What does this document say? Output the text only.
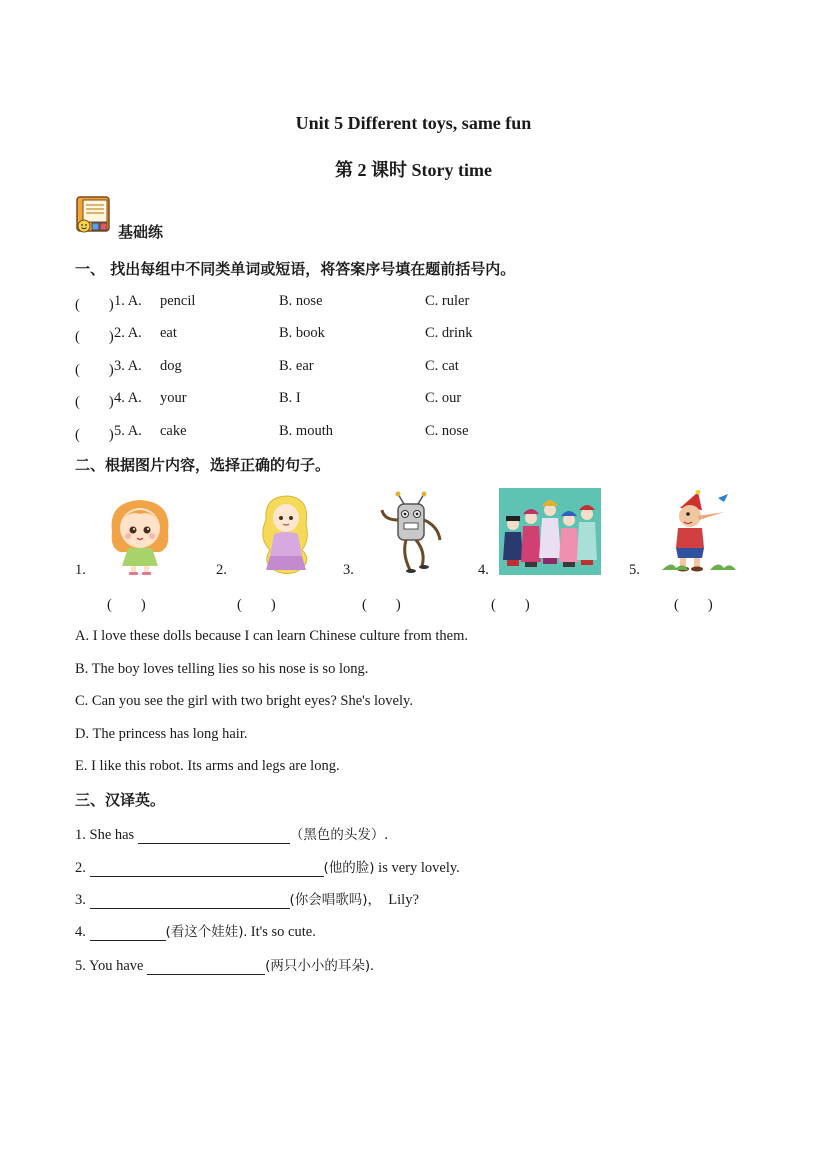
Unit 5 Different toys, same fun
第 2 课时 Story time
基础练
一、 找出每组中不同类单词或短语，将答案序号填在题前括号内。
(　　) 1. A. pencil	B. nose	C. ruler
(　　) 2. A. eat	B. book	C. drink
(　　) 3. A. dog	B. ear	C. cat
(　　) 4. A. your	B. I	C. our
(　　) 5. A. cake	B. mouth	C. nose
二、根据图片内容，选择正确的句子。
1.
(　　)
2.
(　　)
3.
(　　)
4.
(　　)
5.
(　　)
A. I love these dolls because I can learn Chinese culture from them.
B. The boy loves telling lies so his nose is so long.
C. Can you see the girl with two bright eyes? She's lovely.
D. The princess has long hair.
E. I like this robot. Its arms and legs are long.
三、汉译英。
1. She has	（黑色的头发）.
2.	(他的脸) is very lovely.
3.	(你会唱歌吗)，  Lily?
4.	(看这个娃娃). It's so cute.
5. You have	(两只小小的耳朵).
